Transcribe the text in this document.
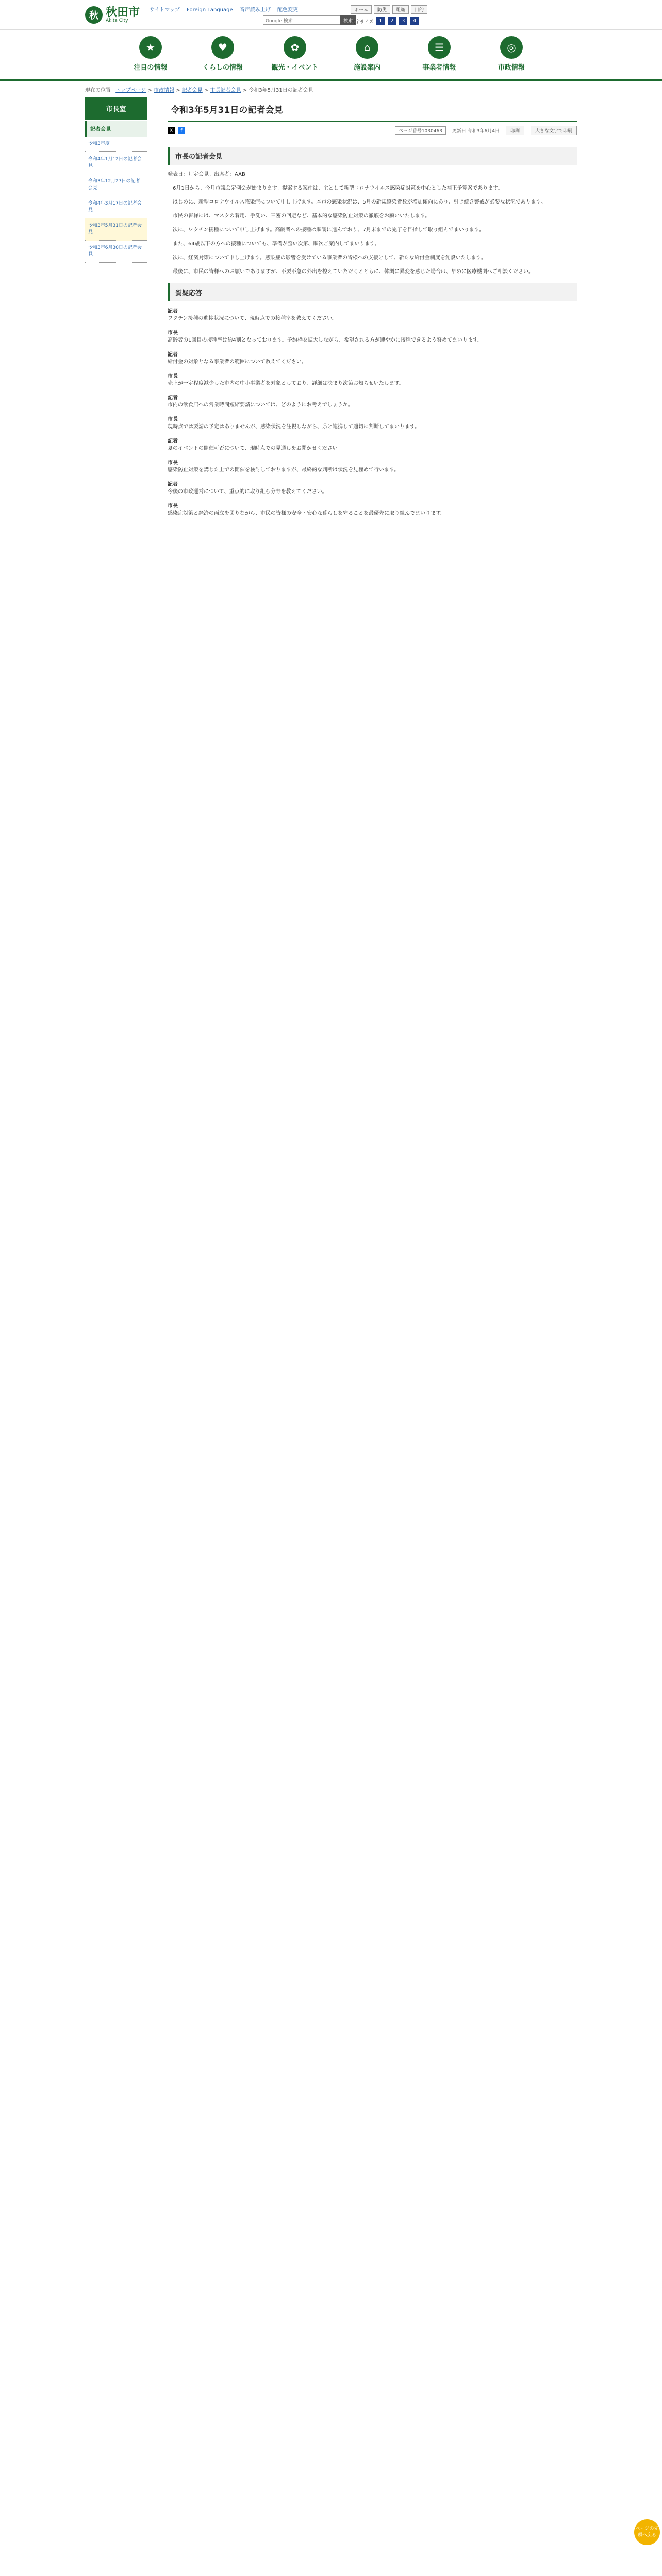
秋 秋田市
Akita City
サイトマップ Foreign Language 音声読み上げ 配色変更
Google 検索	検索
ホーム	防災	組織	目的
文字サイズ	1	2	3	4
★
注目の情報
♥
くらしの情報
✿
観光・イベント
⌂
施設案内
☰
事業者情報
◎
市政情報
現在の位置 トップページ > 市政情報 > 記者会見 > 市長記者会見 > 令和3年5月31日の記者会見
市長室
記者会見
令和3年度
令和4年1月12日の記者会見
令和3年12月27日の記者会見
令和4年3月17日の記者会見
令和3年5月31日の記者会見
令和3年6月30日の記者会見
令和3年5月31日の記者会見
X	f	ページ番号1030463	更新日 令和3年6月4日	印刷	大きな文字で印刷
市長の記者会見

発表日：月定会見。出席者：AAB

6月1日から、今月市議会定例会が始まります。提案する案件は、主として新型コロナウイルス感染症対策を中心とした補正予算案であります。

はじめに、新型コロナウイルス感染症について申し上げます。本市の感染状況は、5月の新規感染者数が増加傾向にあり、引き続き警戒が必要な状況であります。

市民の皆様には、マスクの着用、手洗い、三密の回避など、基本的な感染防止対策の徹底をお願いいたします。

次に、ワクチン接種について申し上げます。高齢者への接種は順調に進んでおり、7月末までの完了を目指して取り組んでまいります。

また、64歳以下の方への接種についても、準備が整い次第、順次ご案内してまいります。

次に、経済対策について申し上げます。感染症の影響を受けている事業者の皆様への支援として、新たな給付金制度を創設いたします。

最後に、市民の皆様へのお願いでありますが、不要不急の外出を控えていただくとともに、体調に異変を感じた場合は、早めに医療機関へご相談ください。

質疑応答
記者
ワクチン接種の進捗状況について、現時点での接種率を教えてください。
市長
高齢者の1回目の接種率は約4割となっております。予約枠を拡大しながら、希望される方が速やかに接種できるよう努めてまいります。
記者
給付金の対象となる事業者の範囲について教えてください。
市長
売上が一定程度減少した市内の中小事業者を対象としており、詳細は決まり次第お知らせいたします。
記者
市内の飲食店への営業時間短縮要請については、どのようにお考えでしょうか。
市長
現時点では要請の予定はありませんが、感染状況を注視しながら、県と連携して適切に判断してまいります。
記者
夏のイベントの開催可否について、現時点での見通しをお聞かせください。
市長
感染防止対策を講じた上での開催を検討しておりますが、最終的な判断は状況を見極めて行います。
記者
今後の市政運営について、重点的に取り組む分野を教えてください。
市長
感染症対策と経済の両立を図りながら、市民の皆様の安全・安心な暮らしを守ることを最優先に取り組んでまいります。
ページの先頭へ戻る
